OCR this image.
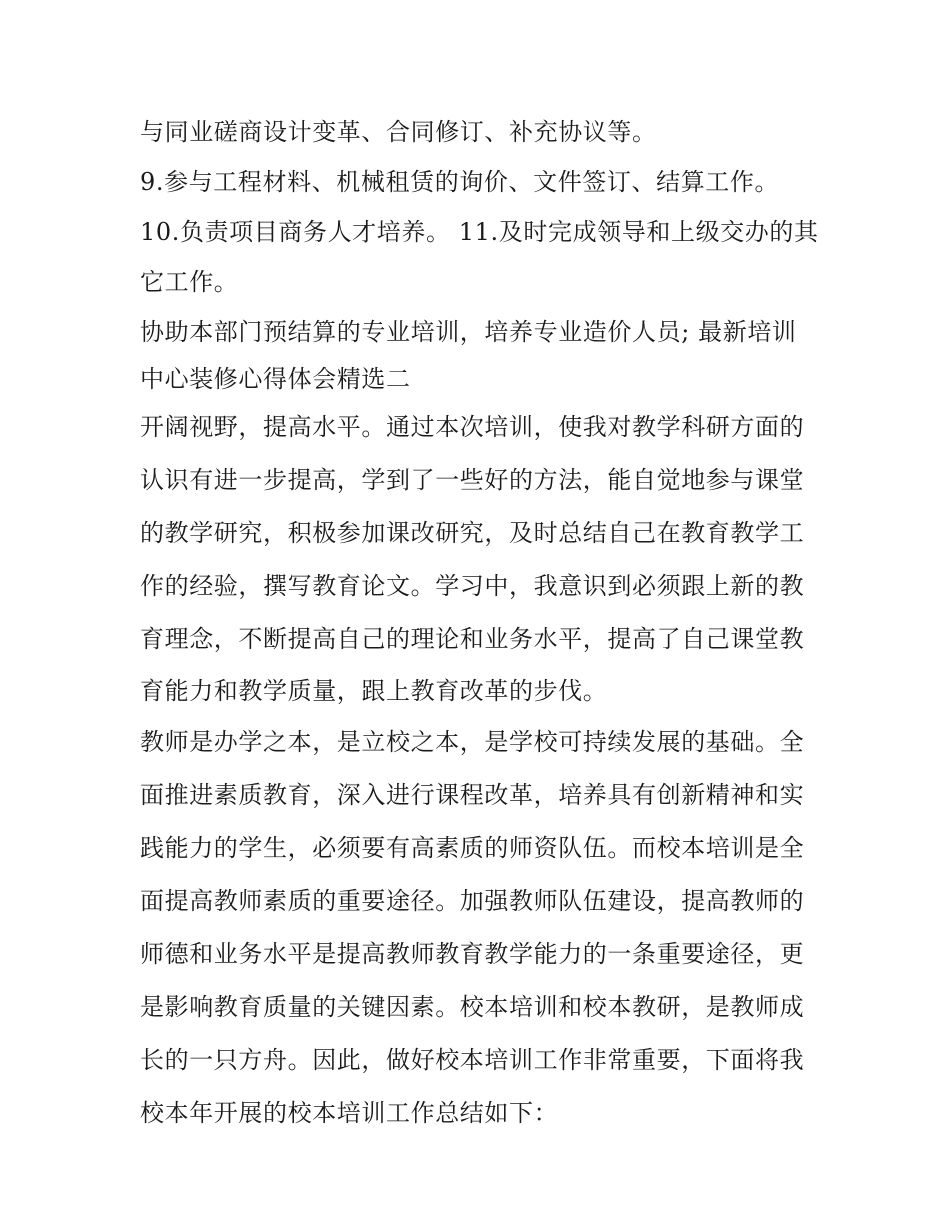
与同业磋商设计变革、合同修订、补充协议等。
9.参与工程材料、机械租赁的询价、文件签订、结算工作。
10.负责项目商务人才培养。 11.及时完成领导和上级交办的其
它工作。
协助本部门预结算的专业培训，培养专业造价人员; 最新培训
中心装修心得体会精选二
开阔视野，提高水平。通过本次培训，使我对教学科研方面的
认识有进一步提高，学到了一些好的方法，能自觉地参与课堂
的教学研究，积极参加课改研究，及时总结自己在教育教学工
作的经验，撰写教育论文。学习中，我意识到必须跟上新的教
育理念，不断提高自己的理论和业务水平，提高了自己课堂教
育能力和教学质量，跟上教育改革的步伐。
教师是办学之本，是立校之本，是学校可持续发展的基础。全
面推进素质教育，深入进行课程改革，培养具有创新精神和实
践能力的学生，必须要有高素质的师资队伍。而校本培训是全
面提高教师素质的重要途径。加强教师队伍建设，提高教师的
师德和业务水平是提高教师教育教学能力的一条重要途径，更
是影响教育质量的关键因素。校本培训和校本教研，是教师成
长的一只方舟。因此，做好校本培训工作非常重要，下面将我
校本年开展的校本培训工作总结如下：
